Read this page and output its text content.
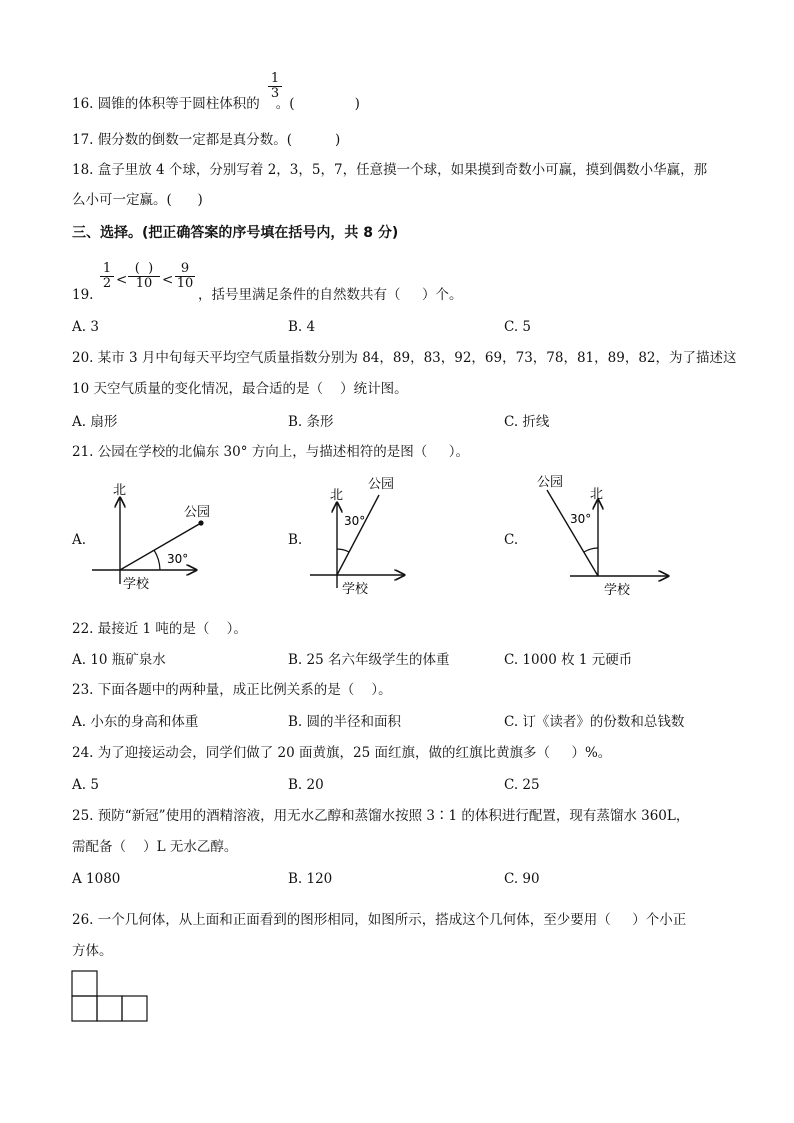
$\frac{1}{3}$
16. 圆锥的体积等于圆柱体积的 。(              )
17. 假分数的倒数一定都是真分数。(          )
18. 盒子里放 4 个球，分别写着 2，3，5，7，任意摸一个球，如果摸到奇数小可赢，摸到偶数小华赢，那
么小可一定赢。(      )
三、选择。(把正确答案的序号填在括号内，共 8 分)
$\frac{1}{2}$ <
(  )
$10 < \frac{9}{10}$
19.	，括号里满足条件的自然数共有（     ）个。
A. 3	B. 4	C. 5
20. 某市 3 月中旬每天平均空气质量指数分别为 84，89，83，92，69，73，78，81，89，82，为了描述这
10 天空气质量的变化情况，最合适的是（    ）统计图。
A. 扇形	B. 条形	C. 折线
21. 公园在学校的北偏东 30° 方向上，与描述相符的是图（     ）。
A.	B.	C.
北
公园
学校
30°
北
公园
学校
30°
北
公园
学校
30°
22. 最接近 1 吨的是（    ）。
A. 10 瓶矿泉水	B. 25 名六年级学生的体重	C. 1000 枚 1 元硬币
23. 下面各题中的两种量，成正比例关系的是（    ）。
A. 小东的身高和体重	B. 圆的半径和面积	C. 订《读者》的份数和总钱数
24. 为了迎接运动会，同学们做了 20 面黄旗，25 面红旗，做的红旗比黄旗多（     ）%。
A. 5	B. 20	C. 25
25. 预防“新冠”使用的酒精溶液，用无水乙醇和蒸馏水按照 3∶1 的体积进行配置，现有蒸馏水 360L，
需配备（    ）L 无水乙醇。
A 1080	B. 120	C. 90
26. 一个几何体，从上面和正面看到的图形相同，如图所示，搭成这个几何体，至少要用（     ）个小正
方体。
